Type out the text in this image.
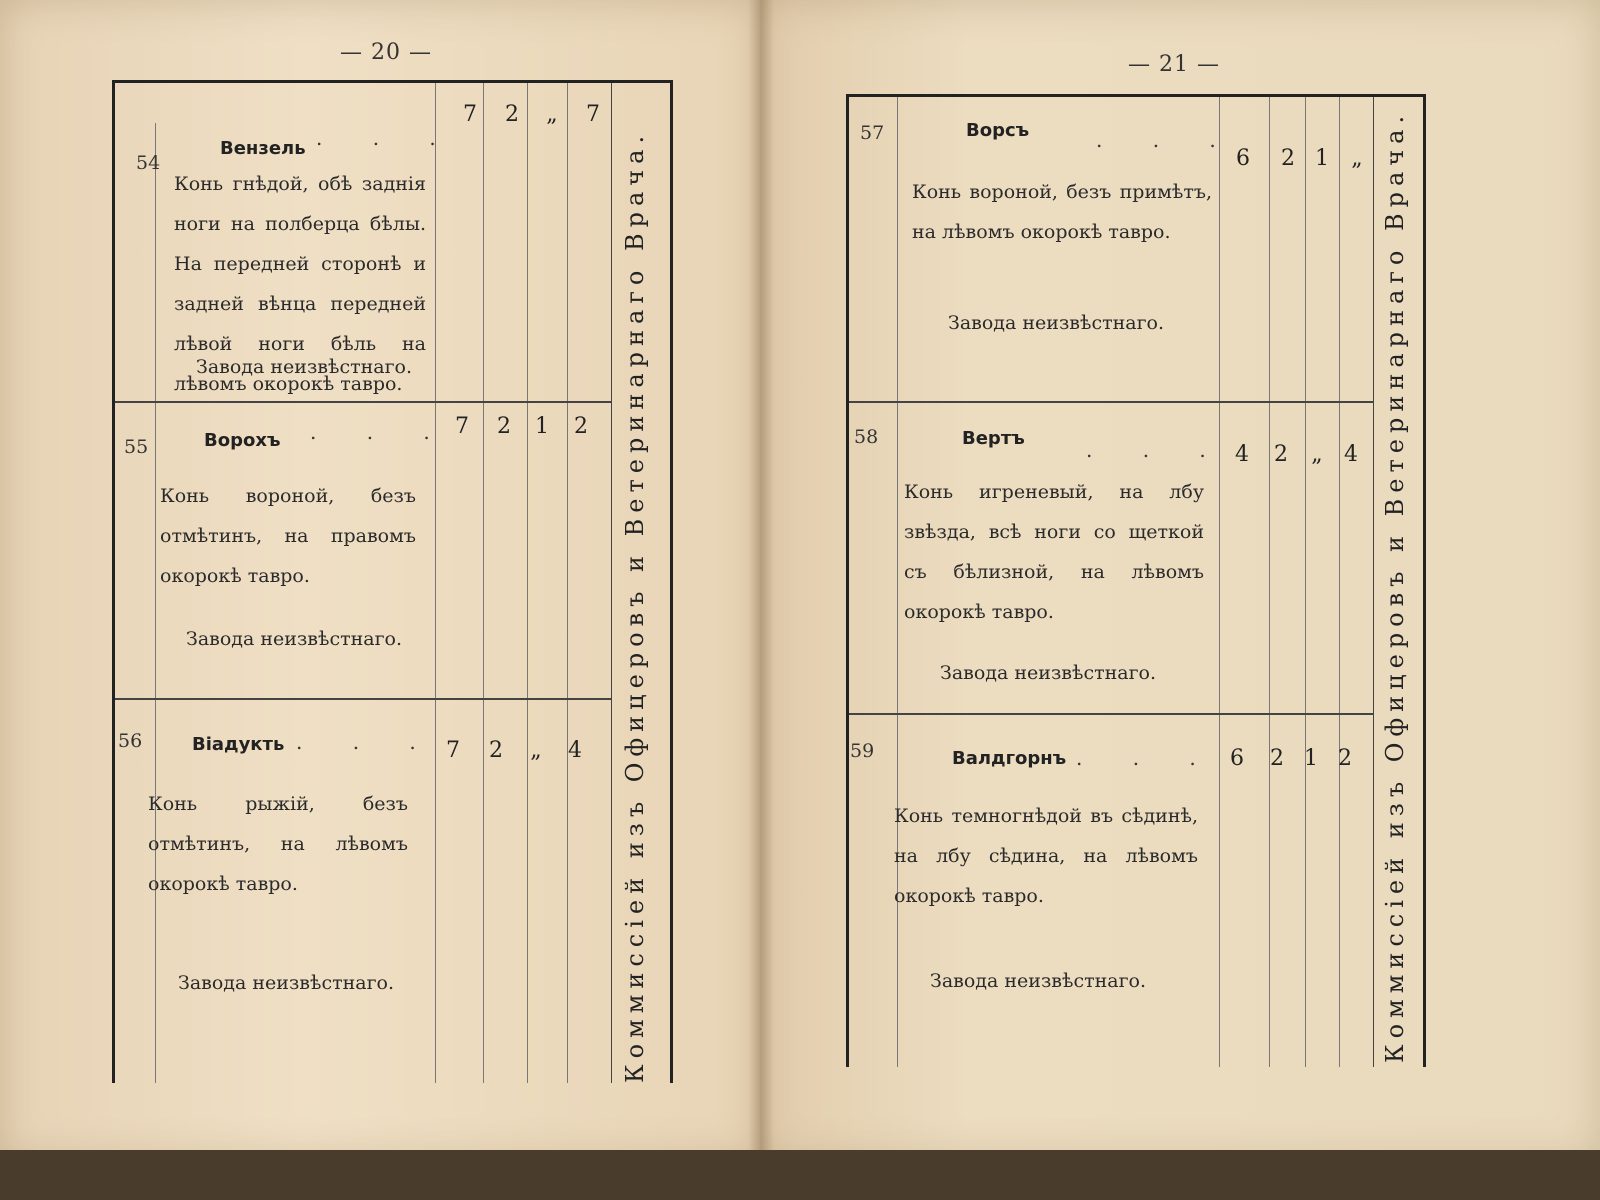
— 20 —	— 21 —
Коммиссiей изъ Офицеровъ и Ветеринарнаго Врача.
54
Вензель . . .
Конь гнѣдой, обѣ заднiя ноги на полберца бѣлы. На передней сторонѣ и задней вѣнца передней лѣвой ноги бѣль на лѣвомъ окорокѣ тавро.
Завода неизвѣстнаго.
7	2	„	7
55	Ворохъ . . .
Конь вороной, безъ отмѣтинъ, на правомъ окорокѣ тавро.
Завода неизвѣстнаго.
7	2	1	2
56	Вiадукть . . .
Конь рыжiй, безъ отмѣтинъ, на лѣвомъ окорокѣ тавро.
Завода неизвѣстнаго.
7	2	„	4	Коммиссiей изъ Офицеровъ и Ветеринарнаго Врача.
57	Ворсъ	. . .
Конь вороной, безъ примѣтъ, на лѣвомъ окорокѣ тавро.
Завода неизвѣстнаго.
6	2 1	„
58	Вертъ	. . .
Конь игреневый, на лбу звѣзда, всѣ ноги со щеткой съ бѣлизной, на лѣвомъ окорокѣ тавро.
Завода неизвѣстнаго.
4	2	„ 4
59	Валдгорнъ . . .
Конь темногнѣдой въ сѣдинѣ, на лбу сѣдина, на лѣвомъ окорокѣ тавро.
Завода неизвѣстнаго.
6	2 1 2
